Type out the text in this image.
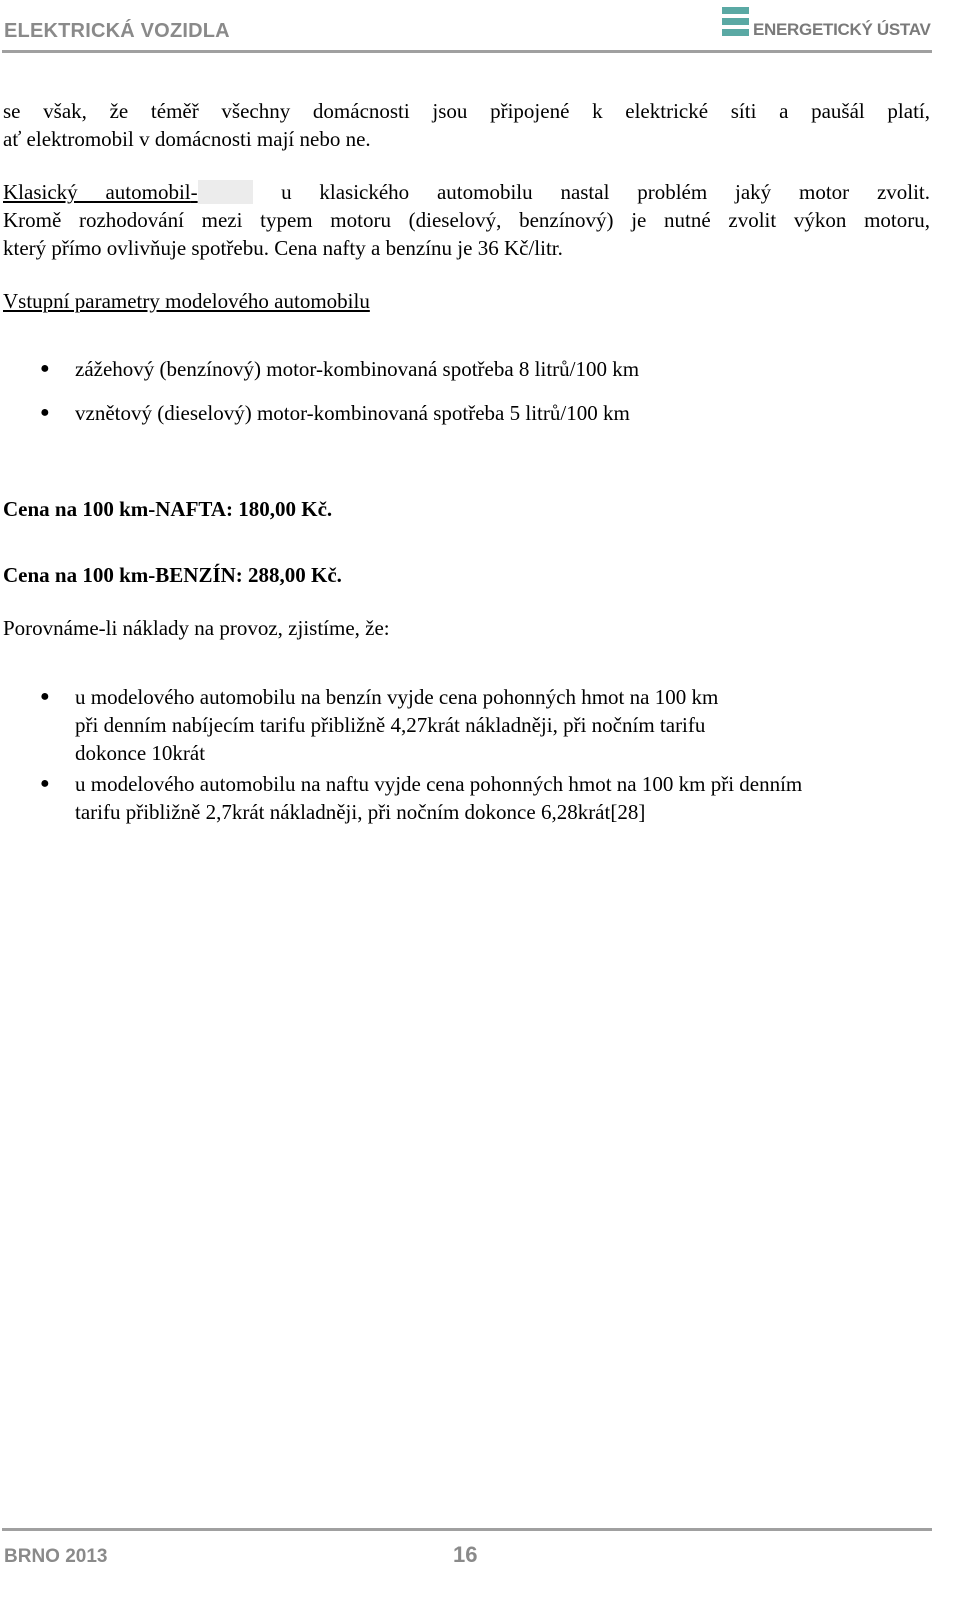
ELEKTRICKÁ VOZIDLA	ENERGETICKÝ ÚSTAV

se však, že téměř všechny domácnosti jsou připojené k elektrické síti a paušál platí,

ať elektromobil v domácnosti mají nebo ne.

Klasický automobil-	u klasického automobilu nastal problém jaký motor zvolit.

Kromě rozhodování mezi typem motoru (dieselový, benzínový) je nutné zvolit výkon motoru,

který přímo ovlivňuje spotřebu. Cena nafty a benzínu je 36 Kč/litr.

Vstupní parametry modelového automobilu

● zážehový (benzínový) motor-kombinovaná spotřeba 8 litrů/100 km

● vznětový (dieselový) motor-kombinovaná spotřeba 5 litrů/100 km

Cena na 100 km-NAFTA: 180,00 Kč.

Cena na 100 km-BENZÍN: 288,00 Kč.

Porovnáme-li náklady na provoz, zjistíme, že:

● u modelového automobilu na benzín vyjde cena pohonných hmot na 100 km

při denním nabíjecím tarifu přibližně 4,27krát nákladněji, při nočním tarifu

dokonce 10krát

● u modelového automobilu na naftu vyjde cena pohonných hmot na 100 km při denním

tarifu přibližně 2,7krát nákladněji, při nočním dokonce 6,28krát[28]

BRNO 2013	16
